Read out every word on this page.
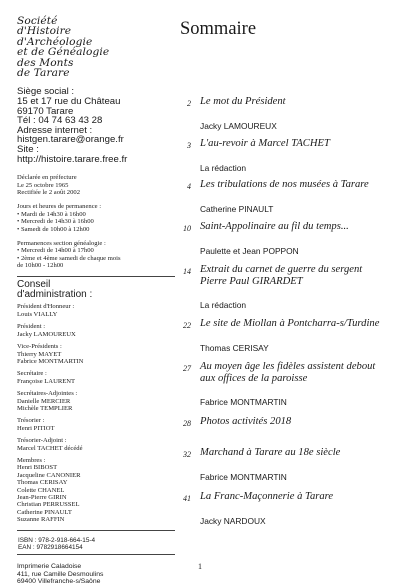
Société
d'Histoire
d'Archéologie
et de Généalogie
des Monts
de Tarare
Siège social :
15 et 17 rue du Château
69170 Tarare
Tél : 04 74 63 43 28
Adresse internet :
histgen.tarare@orange.fr
Site :
http://histoire.tarare.free.fr
Déclarée en préfecture
Le 25 octobre 1965
Rectifiée le 2 août 2002
Jours et heures de permanence :
• Mardi de 14h30 à 16h00
• Mercredi de 14h30 à 16h00
• Samedi de 10h00 à 12h00
Permanences section généalogie :
• Mercredi de 14h00 à 17h00
• 2ème et 4ème samedi de chaque mois
de 10h00 - 12h00
Conseil
d'administration :
Président d'Honneur :
Louis VIALLY
Président :
Jacky LAMOUREUX
Vice-Présidents :
Thierry MAYET
Fabrice MONTMARTIN
Secrétaire :
Françoise LAURENT
Secrétaires-Adjointes :
Danielle MERCIER
Michèle TEMPLIER
Trésorier :
Henri PITIOT
Trésorier-Adjoint :
Marcel TACHET décédé
Membres :
Henri BIBOST
Jacqueline CANONIER
Thomas CERISAY
Colette CHANEL
Jean-Pierre GIRIN
Christian PERRUSSEL
Catherine PINAULT
Suzanne RAFFIN
ISBN : 978-2-918-664-15-4
EAN : 9782918664154
Imprimerie Caladoise
411, rue Camille Desmoulins
69400 Villefranche-s/Saône
Sommaire
2 Le mot du Président
Jacky LAMOUREUX
3 L'au-revoir à Marcel TACHET
La rédaction
4 Les tribulations de nos musées à Tarare
Catherine PINAULT
10 Saint-Appolinaire au fil du temps...
Paulette et Jean POPPON
14 Extrait du carnet de guerre du sergent
Pierre Paul GIRARDET
La rédaction
22 Le site de Miollan à Pontcharra-s/Turdine
Thomas CERISAY
27 Au moyen âge les fidèles assistent debout
aux offices de la paroisse
Fabrice MONTMARTIN
28 Photos activités 2018
32 Marchand à Tarare au 18e siècle
Fabrice MONTMARTIN
41 La Franc-Maçonnerie à Tarare
Jacky NARDOUX
1
